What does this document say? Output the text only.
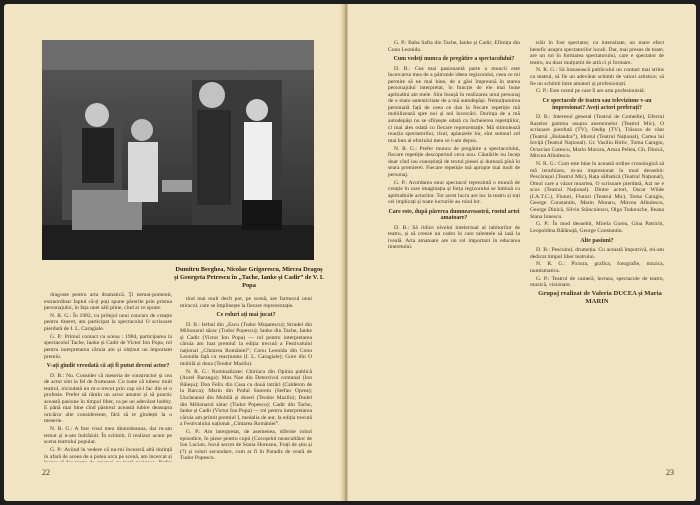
Dumitru Berghea, Nicolae Grigorescu, Mircea Dragoș și Georgeta Petrescu în „Tache, Ianke și Cadir” de V. I. Popa

dragoste pentru arta dramatică. Ţi nemai-pomenit, extraordinar faptul că-ți poți spune părerile prin prisma personajului, în fața unei săli pline, cînd ai ce spune.

N. R. G.: În 1982, cu prilejul unui concurs de creație pentru tineret, am participat la spectacolul O scrisoare pierdută de I. L. Caragiale.

G. P.: Primul contact cu scena : 1984, participarea la spectacolul Tache, Ianke și Cadir de Victor Ion Popa, rol pentru interpretarea căruia am și obținut un important premiu.

V-ați gîndit vreodată că ați fi putut deveni actor?

D. B.: Nu. Consider că meseria de constructor și cea de actor sînt la fel de frumoase. Cu toate că iubesc mult teatrul, niciodată nu m-a trecut prin cap să-l fac din el o profesie. Prefer să rămîn un actor amator și să practic această pasiune în timpul liber, ca pe un adevărat hobby. E până mai bine cînd păstrezi această iubire deasupra oricăror alte considerente, fără să te gîndești la o meserie.

N. R. G.: A fost visul meu dintotdeauna, dar m-am temut și n-am îndrăznit. În schimb, îl realizez acum pe scena teatrului popular.

G. P.: Aviind în vedere că nu-mi încearcă altă dorință în afară de aceea de a putea urca pe scenă, am încercat și

tind mai mult decît pot, pe scenă, are farmecul unui miracol, care se împlinește la fiecare reprezentație.

Ce roluri ați mai jucat?

D. B.: Ierbul din „Escu (Tudor Mușatescu); Strudel din Milionarul sărac (Tudor Popescu); Ianke din Tache, Ianke și Cadir (Victor Ion Popa) — rol pentru interpretarea căruia am luat premiul la ediția trecută a Festivalului național „Cîntarea României”; Conu Leonida din Conu Leonida față cu reacțiunea (I. L. Caragiale); Gore din O mobilă și doua (Teodor Mazilu).

N. R. G.: Nominalizate: Chiriacu din Opinia publică (Aurel Baranga); Mos Nae din Detectivul comunal (Ion Băieșu); Don Felix din Casa cu două intrări (Calderon de la Barca); Marin din Podul Suoretu (Stefan Oprea); Uncheanul din Mobilă și doreri (Teodor Mazilu); Dudel din Milionarul sărac (Tudor Popescu); Cadir din Tache, Ianke și Cadir (Victor Ion Popa) — rol pentru interpretarea căruia am primit premiul I, medalia de aur, la ediția trecută a Festivalului național „Cîntarea României”.

G. P.: Am interpretat, de asemenea, diferite roluri episodice, în piese pentru copii (Cocoșelul neascultător de Ion Lucian, Jocul secret de Sonia Horeanu, Frați de știu și (?) și roluri secundare, cum ar fi în Paradis de ceară de Tudor Popescu.

22

G. P.: Baba Safta din Tache, Ianke și Cadir; Efimița din Conu Leonida.

Cum vedeți munca de pregătire a spectacolului?

D. B.: Cea mai pasionantă parte a muncii este încercarea mea de a pătrunde ideea regizorului, ceea ce mi permite să ne mai bine, de a găsi împreună în starea personajului interpretat, în funcție de ele mai bune aptitudini ale mele. Sînt însușă în realizarea unui personaj de o mare autenticitate de a mă autodepăși. Nemulțumirea personală față de ceea ce dau la fiecare repetiție mă mobilizează spre noi și noi încercări. Dorința de a mă autodepăși nu se sfîrșește odată cu încheierea repetițiilor, ci mai ales odată cu fiecare reprezentație. Mă stimulează reacția spectatorilor, rîsul, aplauzele lor, sînt semnul cel mai bun al efortului meu ce l-am depus.

N. R. G.: Prefer munca de pregătire a spectacolului, fiecare repetiție descoperind ceva nou. Căutările nu încep doar cînd iau cunoștință de textul piesei și durează pînă în seara premierei. Fiecare repetiție mă apropie mai mult de personaj.

G. P.: Acordarea unui spectacol reprezintă o muncă de creație în care imaginația și forța regizorului se îmbină cu aptitudinile actorilor. Tot acest lucru are loc la teatru și toți cei implicați și toate lucrurile au rolul lor.

Care este, după părerea dumneavoastră, rostul artei amatoare?

D. B.: Să ridice nivelul intelectual al iubitorilor de teatru, și să creeze un cadru în care talentele să iasă la iveală. Arta amatoare are un rol important în educarea tineretului.

trăit în fost spectator, cu intensitate, un mare efect benefic asupra spectatorilor locali. Dar, mai presus de toate, are un rol în formarea spectatorului, care e spectator de teatru, nu doar mulțumit de artă ci și formare.

N. R. G.: Să însusească publicului un contact mai strîns cu teatrul, să fie un adevărat schimb de valori artistice; să fie un schimb între amatori și profesioniști.

G. P.: Este rostul pe care îl are arta profesionistă.

Ce spectacole de teatru sau televiziune v-au impresionat? Aveți actori preferați?

D. B.: Interesul general (Teatrul de Comedie), Efectul Razelor gamma asupra anemonelor (Teatrul Mic), O scrisoare pierdută (TV), Oedip (TV), Trăsura de vânt (Teatrul „Bulandra”), Idiotul (Teatrul Național), Cartea lui Ioviță (Teatrul Național). Gr. Vasiliu Birlic, Toma Caragiu, Octavian Cotescu, Marin Moraru, Amza Pellea, Gh. Dinică, Mircea Albulescu.

N. R. G.: Cum este bine în această ordine cronologică să mă ierarhizez, m-au impresionat în mod deosebit: Pescărușul (Teatrul Mic), Rața sălbatică (Teatrul Național), Omul care a văzut moartea, O scrisoare pierdută, Azi ne e scos (Teatrul Național). Dintre actori, Oscar Wilde (I.A.T.C.), Fluturi, Fluturi (Teatrul Mic), Toma Caragiu, George Constantin, Marin Moraru, Mircea Albulescu, George Dinică, Silviu Stănculescu, Olga Tudorache, Ileana Stana Ionescu.

G. P.: În mod deosebit, Mirela Gorea, Gina Patrichi, Leopoldina Bălănuță, George Constantin.

Alte pasiuni?

D. B.: Pescuitul, drumeția. Cu această împotrivă, mi-am dedicat timpul liber teatrului.

N. R. G.: Pictura, grafica, fotografie, muzica, numismatica.

G. P.: Teatrul de cameră, lectura, spectacole de teatru, muzică, vizionare.

Grupaj realizat de Valeria DUCEA și Maria MARIN

23
